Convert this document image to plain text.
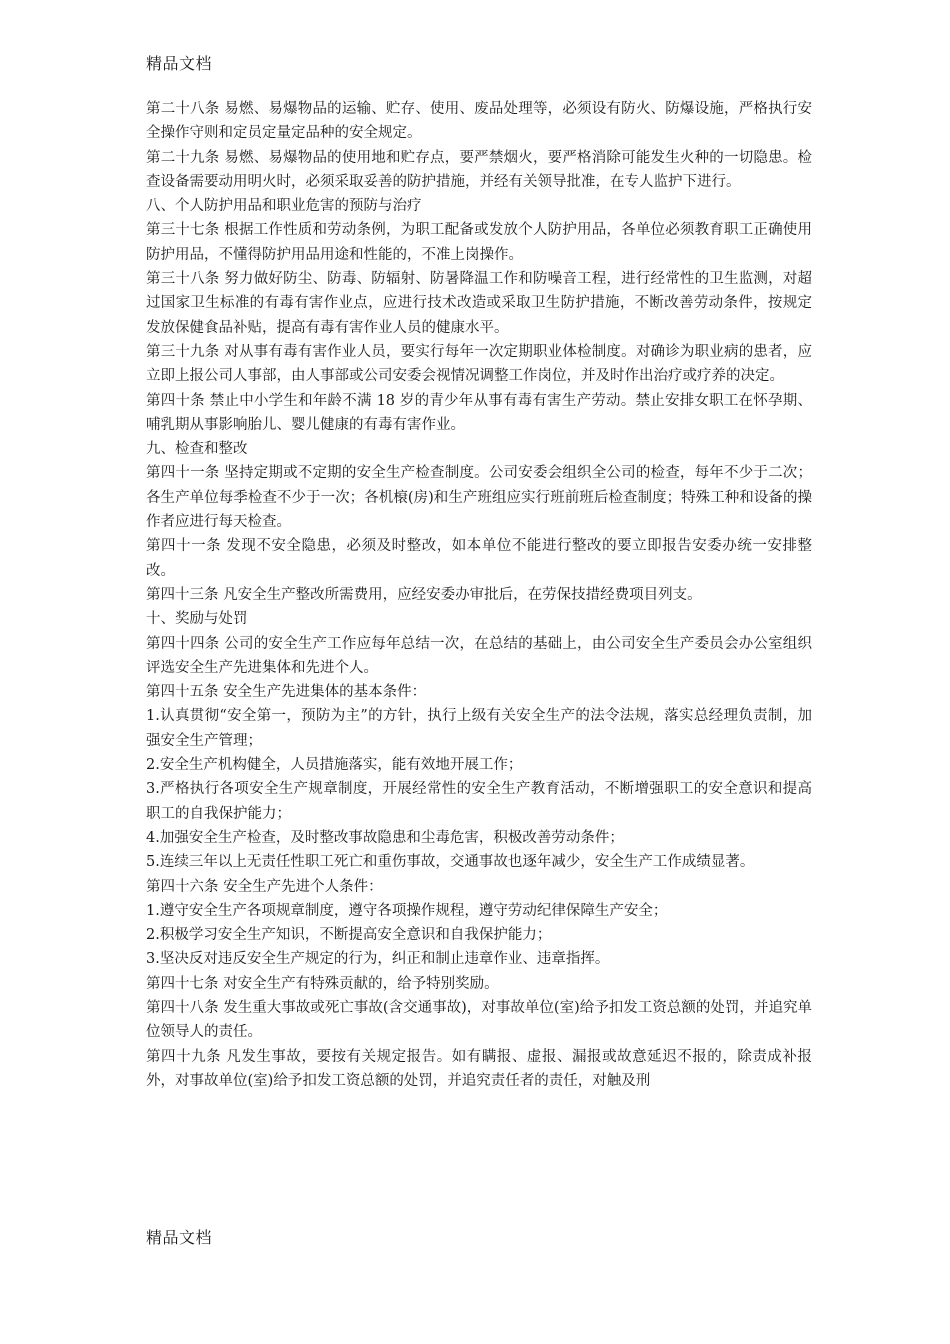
精品文档

第二十八条 易燃、易爆物品的运输、贮存、使用、废品处理等，必须设有防火、防爆设施，严格执行安全操作守则和定员定量定品种的安全规定。

第二十九条 易燃、易爆物品的使用地和贮存点，要严禁烟火，要严格消除可能发生火种的一切隐患。检查设备需要动用明火时，必须采取妥善的防护措施，并经有关领导批准，在专人监护下进行。

八、个人防护用品和职业危害的预防与治疗

第三十七条 根据工作性质和劳动条例，为职工配备或发放个人防护用品，各单位必须教育职工正确使用防护用品，不懂得防护用品用途和性能的，不准上岗操作。

第三十八条 努力做好防尘、防毒、防辐射、防暑降温工作和防噪音工程，进行经常性的卫生监测，对超过国家卫生标准的有毒有害作业点，应进行技术改造或采取卫生防护措施，不断改善劳动条件，按规定发放保健食品补贴，提高有毒有害作业人员的健康水平。

第三十九条 对从事有毒有害作业人员，要实行每年一次定期职业体检制度。对确诊为职业病的患者，应立即上报公司人事部，由人事部或公司安委会视情况调整工作岗位，并及时作出治疗或疗养的决定。

第四十条 禁止中小学生和年龄不满 18 岁的青少年从事有毒有害生产劳动。禁止安排女职工在怀孕期、哺乳期从事影响胎儿、婴儿健康的有毒有害作业。

九、检查和整改

第四十一条 坚持定期或不定期的安全生产检查制度。公司安委会组织全公司的检查，每年不少于二次；各生产单位每季检查不少于一次；各机榱(房)和生产班组应实行班前班后检查制度；特殊工种和设备的操作者应进行每天检查。

第四十一条 发现不安全隐患，必须及时整改，如本单位不能进行整改的要立即报告安委办统一安排整改。

第四十三条 凡安全生产整改所需费用，应经安委办审批后，在劳保技措经费项目列支。

十、奖励与处罚

第四十四条 公司的安全生产工作应每年总结一次，在总结的基础上，由公司安全生产委员会办公室组织评选安全生产先进集体和先进个人。

第四十五条 安全生产先进集体的基本条件：

1.认真贯彻“安全第一，预防为主”的方针，执行上级有关安全生产的法令法规，落实总经理负责制，加强安全生产管理；

2.安全生产机构健全，人员措施落实，能有效地开展工作；

3.严格执行各项安全生产规章制度，开展经常性的安全生产教育活动，不断增强职工的安全意识和提高职工的自我保护能力；

4.加强安全生产检查，及时整改事故隐患和尘毒危害，积极改善劳动条件；

5.连续三年以上无责任性职工死亡和重伤事故，交通事故也逐年减少，安全生产工作成绩显著。

第四十六条 安全生产先进个人条件：

1.遵守安全生产各项规章制度，遵守各项操作规程，遵守劳动纪律保障生产安全；

2.积极学习安全生产知识，不断提高安全意识和自我保护能力；

3.坚决反对违反安全生产规定的行为，纠正和制止违章作业、违章指挥。

第四十七条 对安全生产有特殊贡献的，给予特别奖励。

第四十八条 发生重大事故或死亡事故(含交通事故)，对事故单位(室)给予扣发工资总额的处罚，并追究单位领导人的责任。

第四十九条 凡发生事故，要按有关规定报告。如有瞒报、虚报、漏报或故意延迟不报的，除责成补报外，对事故单位(室)给予扣发工资总额的处罚，并追究责任者的责任，对触及刑

精品文档
